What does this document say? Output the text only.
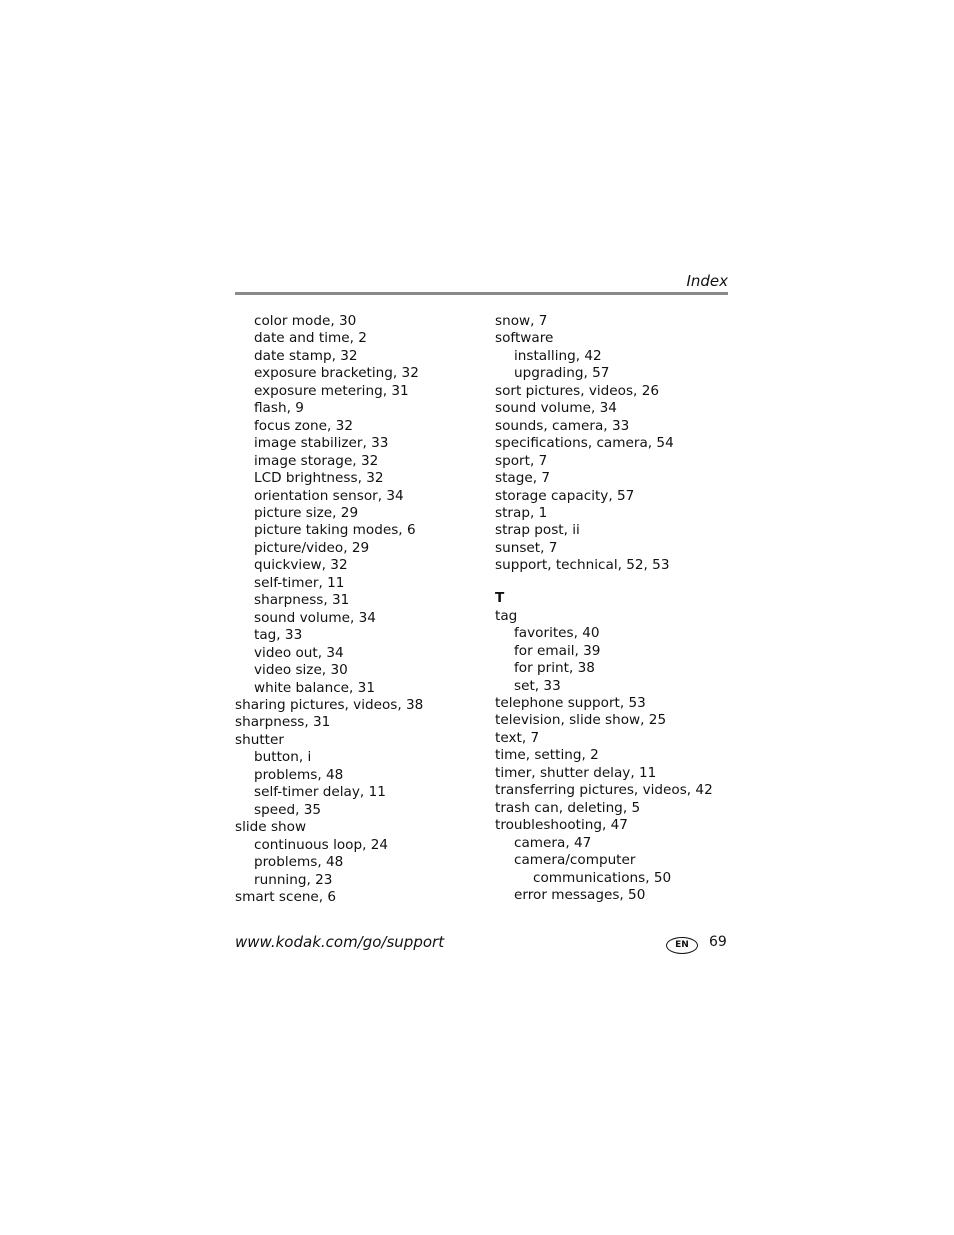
Index
color mode, 30
date and time, 2
date stamp, 32
exposure bracketing, 32
exposure metering, 31
flash, 9
focus zone, 32
image stabilizer, 33
image storage, 32
LCD brightness, 32
orientation sensor, 34
picture size, 29
picture taking modes, 6
picture/video, 29
quickview, 32
self-timer, 11
sharpness, 31
sound volume, 34
tag, 33
video out, 34
video size, 30
white balance, 31
sharing pictures, videos, 38
sharpness, 31
shutter
button, i
problems, 48
self-timer delay, 11
speed, 35
slide show
continuous loop, 24
problems, 48
running, 23
smart scene, 6
snow, 7
software
installing, 42
upgrading, 57
sort pictures, videos, 26
sound volume, 34
sounds, camera, 33
specifications, camera, 54
sport, 7
stage, 7
storage capacity, 57
strap, 1
strap post, ii
sunset, 7
support, technical, 52, 53
T
tag
favorites, 40
for email, 39
for print, 38
set, 33
telephone support, 53
television, slide show, 25
text, 7
time, setting, 2
timer, shutter delay, 11
transferring pictures, videos, 42
trash can, deleting, 5
troubleshooting, 47
camera, 47
camera/computer
communications, 50
error messages, 50
www.kodak.com/go/support	EN	69
